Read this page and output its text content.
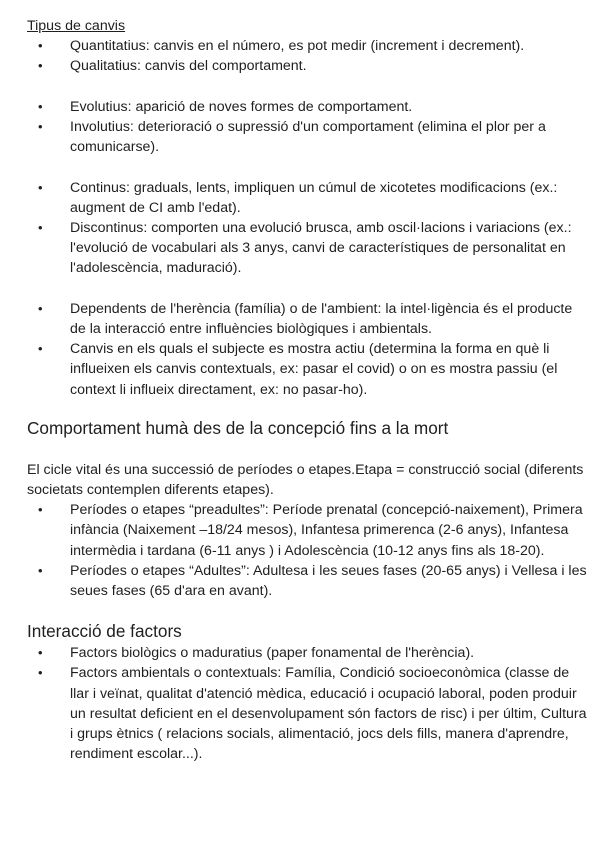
Tipus de canvis

• Quantitatius: canvis en el número, es pot medir (increment i decrement).
• Qualitatius: canvis del comportament.
• Evolutius: aparició de noves formes de comportament.
• Involutius: deterioració o supressió d'un comportament (elimina el plor per a comunicarse).
• Continus: graduals, lents, impliquen un cúmul de xicotetes modificacions (ex.: augment de CI amb l'edat).
• Discontinus: comporten una evolució brusca, amb oscil·lacions i variacions (ex.: l'evolució de vocabulari als 3 anys, canvi de característiques de personalitat en l'adolescència, maduració).
• Dependents de l'herència (família) o de l'ambient: la intel·ligència és el producte de la interacció entre influències biològiques i ambientals.
• Canvis en els quals el subjecte es mostra actiu (determina la forma en què li influeixen els canvis contextuals, ex: pasar el covid) o on es mostra passiu (el context li influeix directament, ex: no pasar-ho).
Comportament humà des de la concepció fins a la mort

El cicle vital és una successió de períodes o etapes.Etapa = construcció social (diferents societats contemplen diferents etapes).

• Períodes o etapes “preadultes”: Període prenatal (concepció-naixement), Primera infància (Naixement –18/24 mesos), Infantesa primerenca (2-6 anys), Infantesa intermèdia i tardana (6-11 anys ) i Adolescència (10-12 anys fins als 18-20).
• Períodes o etapes “Adultes”: Adultesa i les seues fases (20-65 anys) i Vellesa i les seues fases (65 d'ara en avant).
Interacció de factors
• Factors biològics o maduratius (paper fonamental de l'herència).
• Factors ambientals o contextuals: Família, Condició socioeconòmica (classe de llar i veïnat, qualitat d'atenció mèdica, educació i ocupació laboral, poden produir un resultat deficient en el desenvolupament són factors de risc) i per últim, Cultura i grups ètnics ( relacions socials, alimentació, jocs dels fills, manera d'aprendre, rendiment escolar...).
